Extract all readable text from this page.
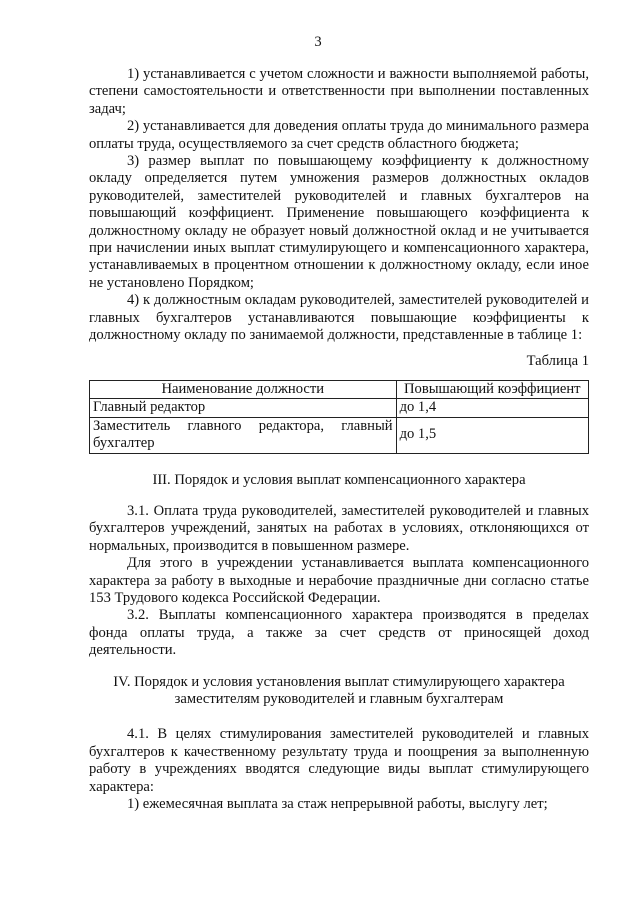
3

1) устанавливается с учетом сложности и важности выполняемой работы, степени самостоятельности и ответственности при выполнении поставленных задач;

2) устанавливается для доведения оплаты труда до минимального размера оплаты труда, осуществляемого за счет средств областного бюджета;

3) размер выплат по повышающему коэффициенту к должностному окладу определяется путем умножения размеров должностных окладов руководителей, заместителей руководителей и главных бухгалтеров на повышающий коэффициент. Применение повышающего коэффициента к должностному окладу не образует новый должностной оклад и не учитывается при начислении иных выплат стимулирующего и компенсационного характера, устанавливаемых в процентном отношении к должностному окладу, если иное не установлено Порядком;

4) к должностным окладам руководителей, заместителей руководителей и главных бухгалтеров устанавливаются повышающие коэффициенты к должностному окладу по занимаемой должности, представленные в таблице 1:

Таблица 1

Наименование должности	Повышающий коэффициент
Главный редактор	до 1,4
Заместитель главного редактора, главный бухгалтер	до 1,5

III. Порядок и условия выплат компенсационного характера

3.1. Оплата труда руководителей, заместителей руководителей и главных бухгалтеров учреждений, занятых на работах в условиях, отклоняющихся от нормальных, производится в повышенном размере.

Для этого в учреждении устанавливается выплата компенсационного характера за работу в выходные и нерабочие праздничные дни согласно статье 153 Трудового кодекса Российской Федерации.

3.2. Выплаты компенсационного характера производятся в пределах фонда оплаты труда, а также за счет средств от приносящей доход деятельности.

IV. Порядок и условия установления выплат стимулирующего характера заместителям руководителей и главным бухгалтерам

4.1. В целях стимулирования заместителей руководителей и главных бухгалтеров к качественному результату труда и поощрения за выполненную работу в учреждениях вводятся следующие виды выплат стимулирующего характера:

1) ежемесячная выплата за стаж непрерывной работы, выслугу лет;
